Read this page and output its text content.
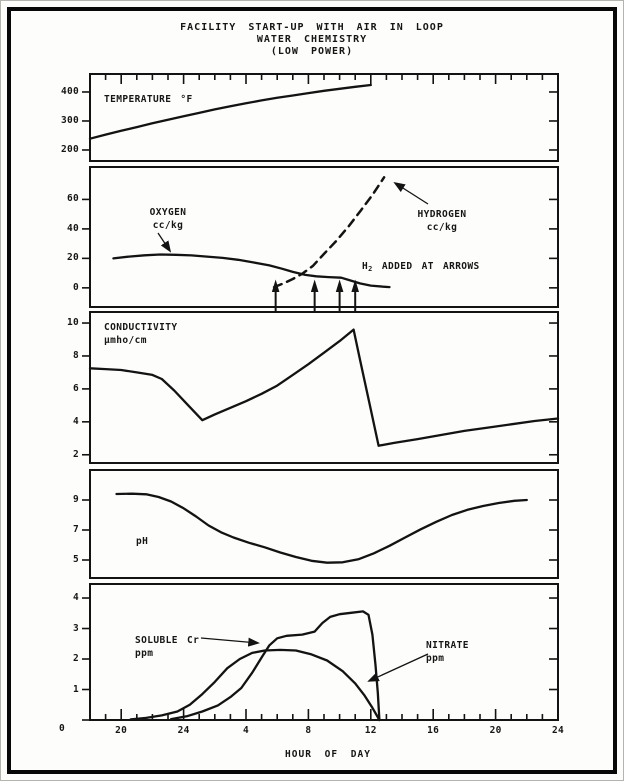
FACILITY START-UP WITH AIR IN LOOP
WATER CHEMISTRY
(LOW POWER)
TEMPERATURE °F
OXYGEN
cc/kg
HYDROGEN
cc/kg
$H_2$ ADDED AT ARROWS
CONDUCTIVITY
μmho/cm
pH
SOLUBLE Cr
ppm
NITRATE
ppm
HOUR OF DAY
200
300
400
0
20
40
60
2
4
6
8
10
5
7
9
0
1
2
3
4
20	24	4	8	12	16	20	24
